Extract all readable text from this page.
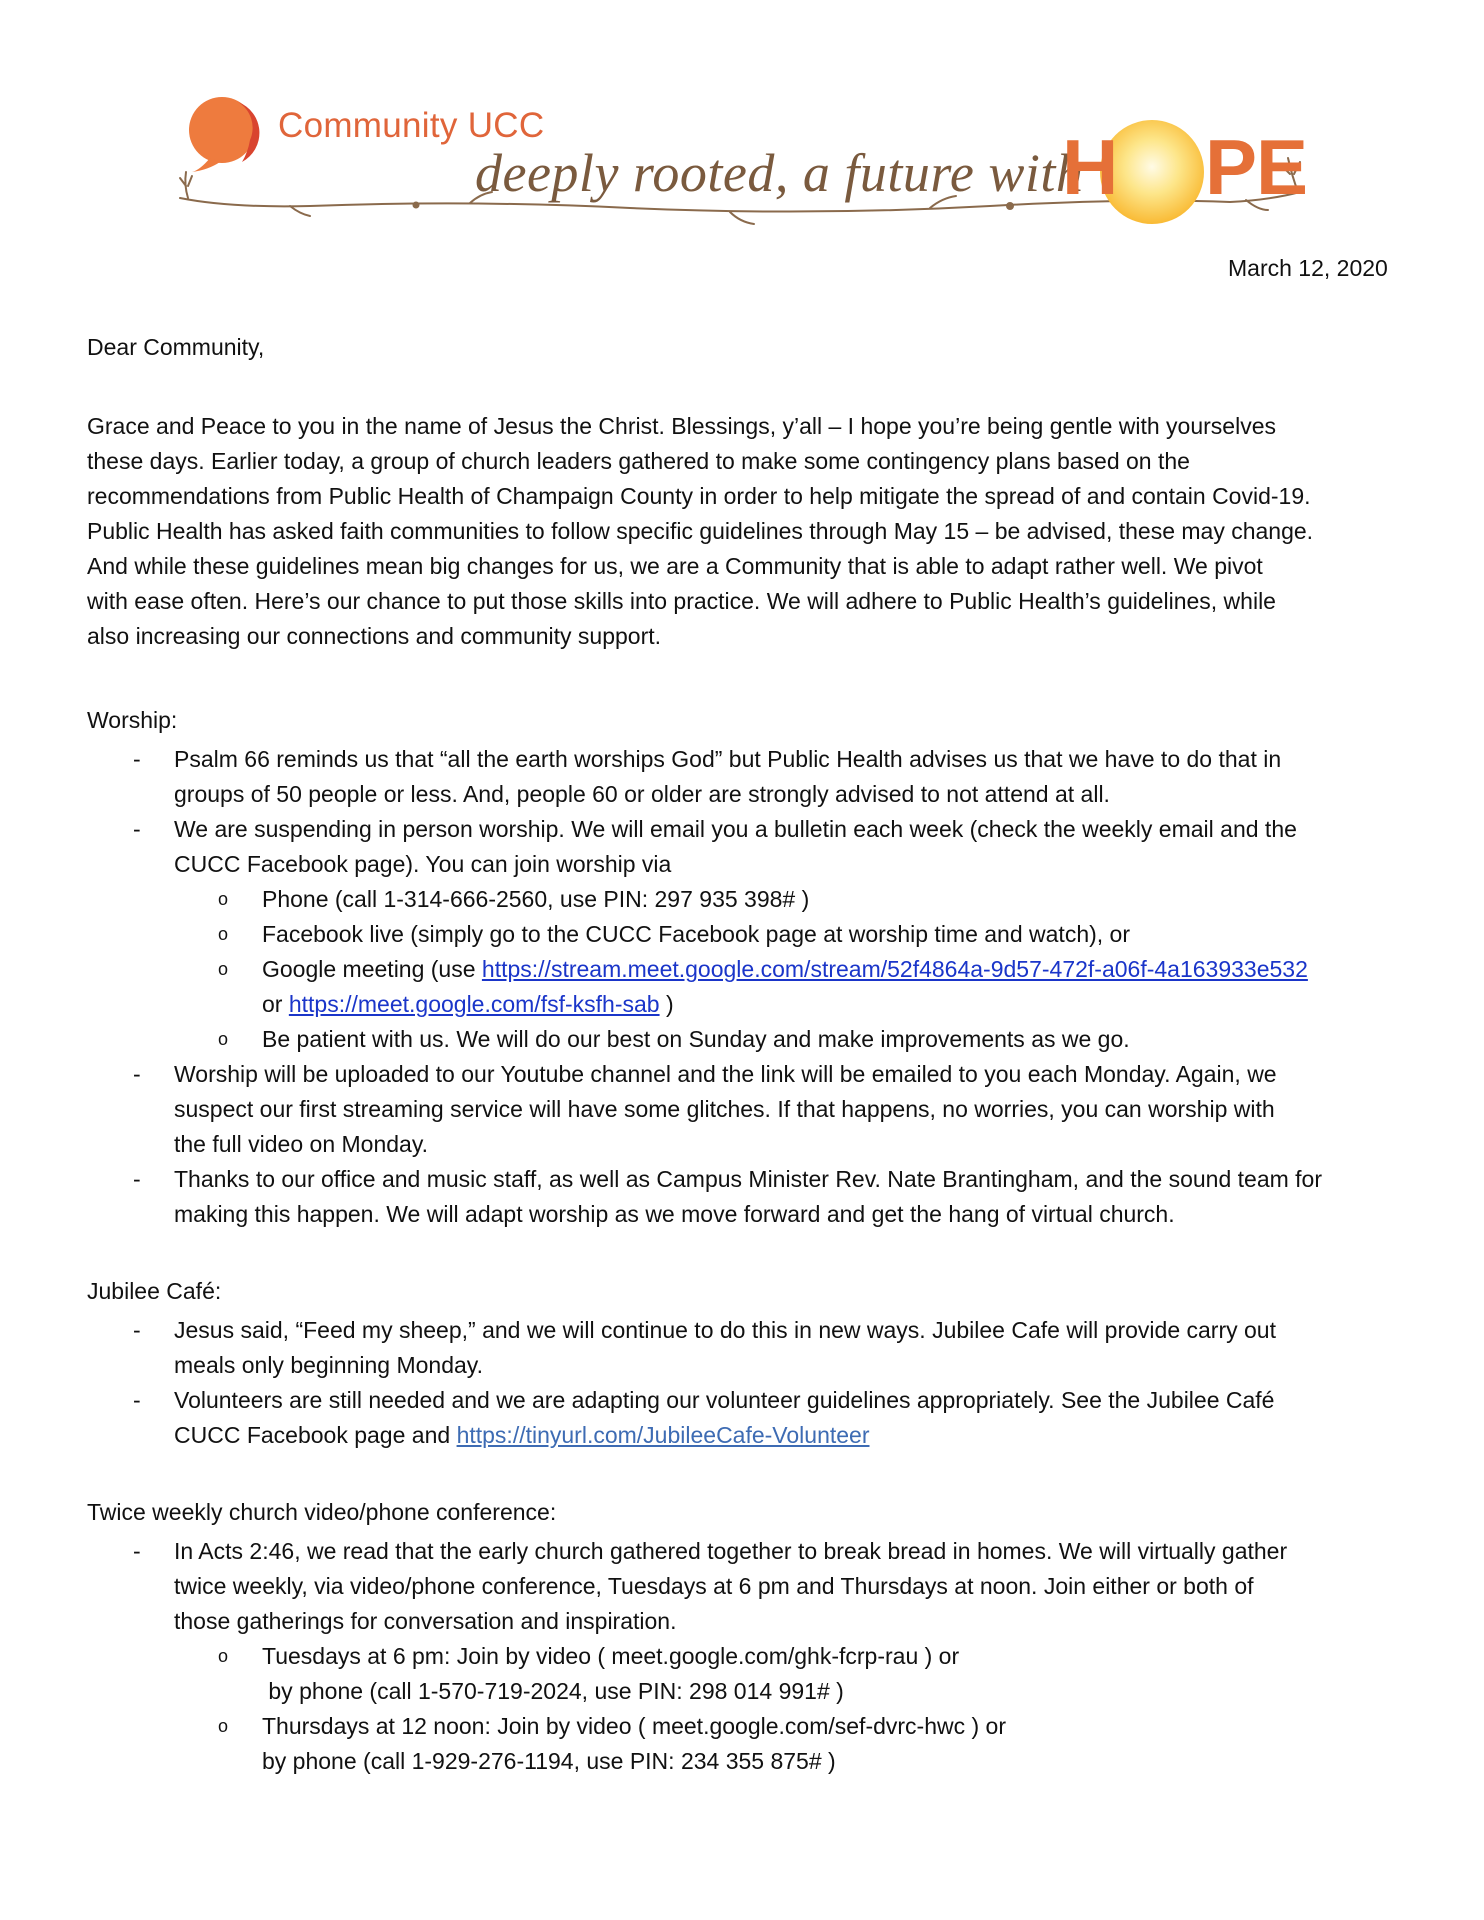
Community UCC
deeply rooted, a future with
H PE
March 12, 2020
Dear Community,
Grace and Peace to you in the name of Jesus the Christ. Blessings, y’all – I hope you’re being gentle with yourselves
these days. Earlier today, a group of church leaders gathered to make some contingency plans based on the
recommendations from Public Health of Champaign County in order to help mitigate the spread of and contain Covid-19.
Public Health has asked faith communities to follow specific guidelines through May 15 – be advised, these may change.
And while these guidelines mean big changes for us, we are a Community that is able to adapt rather well. We pivot
with ease often. Here’s our chance to put those skills into practice. We will adhere to Public Health’s guidelines, while
also increasing our connections and community support.
Worship:
- Psalm 66 reminds us that “all the earth worships God” but Public Health advises us that we have to do that in
groups of 50 people or less. And, people 60 or older are strongly advised to not attend at all.
- We are suspending in person worship. We will email you a bulletin each week (check the weekly email and the
CUCC Facebook page). You can join worship via
o Phone (call 1-314-666-2560, use PIN: 297 935 398# )
o Facebook live (simply go to the CUCC Facebook page at worship time and watch), or
o Google meeting (use https://stream.meet.google.com/stream/52f4864a-9d57-472f-a06f-4a163933e532
or https://meet.google.com/fsf-ksfh-sab )
o Be patient with us. We will do our best on Sunday and make improvements as we go.
- Worship will be uploaded to our Youtube channel and the link will be emailed to you each Monday. Again, we
suspect our first streaming service will have some glitches. If that happens, no worries, you can worship with
the full video on Monday.
- Thanks to our office and music staff, as well as Campus Minister Rev. Nate Brantingham, and the sound team for
making this happen. We will adapt worship as we move forward and get the hang of virtual church.
Jubilee Café:
- Jesus said, “Feed my sheep,” and we will continue to do this in new ways. Jubilee Cafe will provide carry out
meals only beginning Monday.
- Volunteers are still needed and we are adapting our volunteer guidelines appropriately. See the Jubilee Café
CUCC Facebook page and https://tinyurl.com/JubileeCafe-Volunteer
Twice weekly church video/phone conference:
- In Acts 2:46, we read that the early church gathered together to break bread in homes. We will virtually gather
twice weekly, via video/phone conference, Tuesdays at 6 pm and Thursdays at noon. Join either or both of
those gatherings for conversation and inspiration.
o Tuesdays at 6 pm: Join by video ( meet.google.com/ghk-fcrp-rau ) or
by phone (call 1-570-719-2024, use PIN: 298 014 991# )
o Thursdays at 12 noon: Join by video ( meet.google.com/sef-dvrc-hwc ) or
by phone (call 1-929-276-1194, use PIN: 234 355 875# )
